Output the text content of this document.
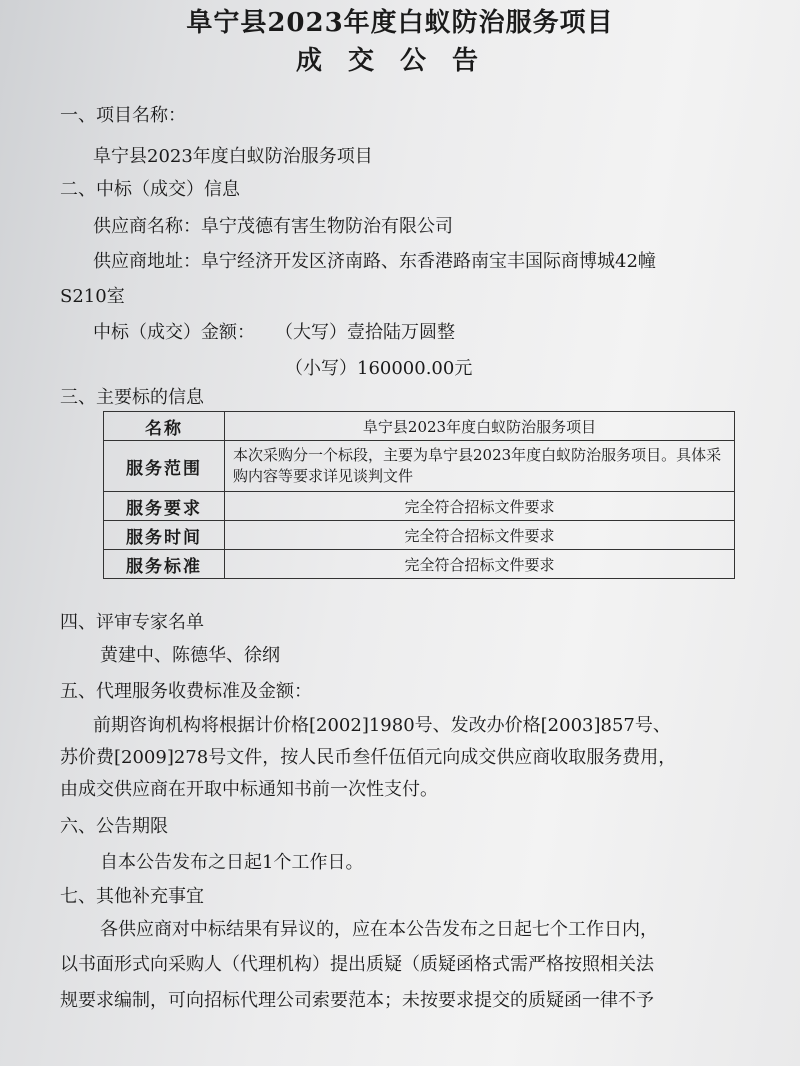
阜宁县2023年度白蚁防治服务项目
成交公告
一、项目名称：
阜宁县2023年度白蚁防治服务项目
二、中标（成交）信息
供应商名称：阜宁茂德有害生物防治有限公司
供应商地址：阜宁经济开发区济南路、东香港路南宝丰国际商博城42幢
S210室
中标（成交）金额： （大写）壹拾陆万圆整
（小写）160000.00元
三、主要标的信息
名称	阜宁县2023年度白蚁防治服务项目
服务范围	本次采购分一个标段，主要为阜宁县2023年度白蚁防治服务项目。具体采购内容等要求详见谈判文件
服务要求	完全符合招标文件要求
服务时间	完全符合招标文件要求
服务标准	完全符合招标文件要求
四、评审专家名单
黄建中、陈德华、徐纲
五、代理服务收费标准及金额：
前期咨询机构将根据计价格[2002]1980号、发改办价格[2003]857号、
苏价费[2009]278号文件，按人民币叁仟伍佰元向成交供应商收取服务费用，
由成交供应商在开取中标通知书前一次性支付。
六、公告期限
自本公告发布之日起1个工作日。
七、其他补充事宜
各供应商对中标结果有异议的，应在本公告发布之日起七个工作日内，
以书面形式向采购人（代理机构）提出质疑（质疑函格式需严格按照相关法
规要求编制，可向招标代理公司索要范本；未按要求提交的质疑函一律不予
